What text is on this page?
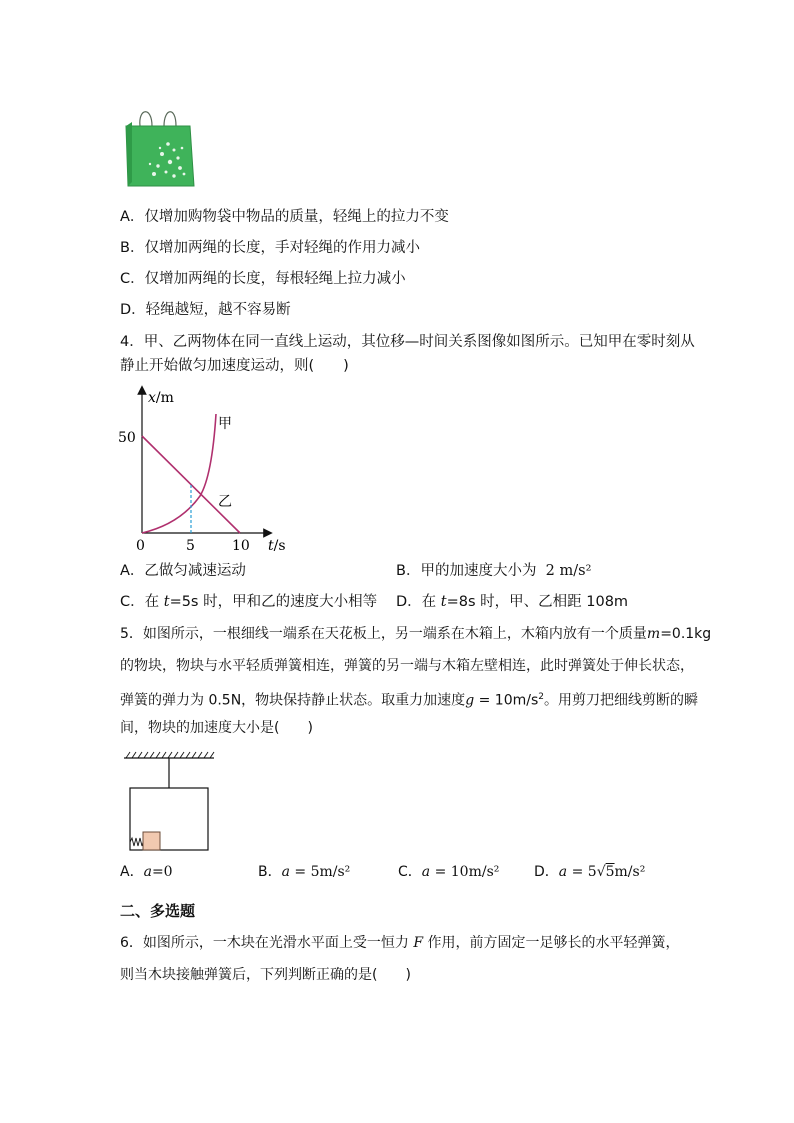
A．仅增加购物袋中物品的质量，轻绳上的拉力不变
B．仅增加两绳的长度，手对轻绳的作用力减小
C．仅增加两绳的长度，每根轻绳上拉力减小
D．轻绳越短，越不容易断
4．甲、乙两物体在同一直线上运动，其位移—时间关系图像如图所示。已知甲在零时刻从
静止开始做匀加速度运动，则(　　)
x/m
t/s
50
0	5	10
甲
乙
A．乙做匀减速运动	B．甲的加速度大小为 2 m/s²
C．在 t=5s 时，甲和乙的速度大小相等 D．在 t=8s 时，甲、乙相距 108m
5．如图所示，一根细线一端系在天花板上，另一端系在木箱上，木箱内放有一个质量m=0.1kg
的物块，物块与水平轻质弹簧相连，弹簧的另一端与木箱左壁相连，此时弹簧处于伸长状态，
弹簧的弹力为 0.5N，物块保持静止状态。取重力加速度$g = 10m/s^2$。用剪刀把细线剪断的瞬
间，物块的加速度大小是(　　)
A．a=0	B．a = 5m/s²	C．a = 10m/s² D．a = 5√5m/s²
二、多选题
6．如图所示，一木块在光滑水平面上受一恒力 F 作用，前方固定一足够长的水平轻弹簧，
则当木块接触弹簧后，下列判断正确的是(　　)
